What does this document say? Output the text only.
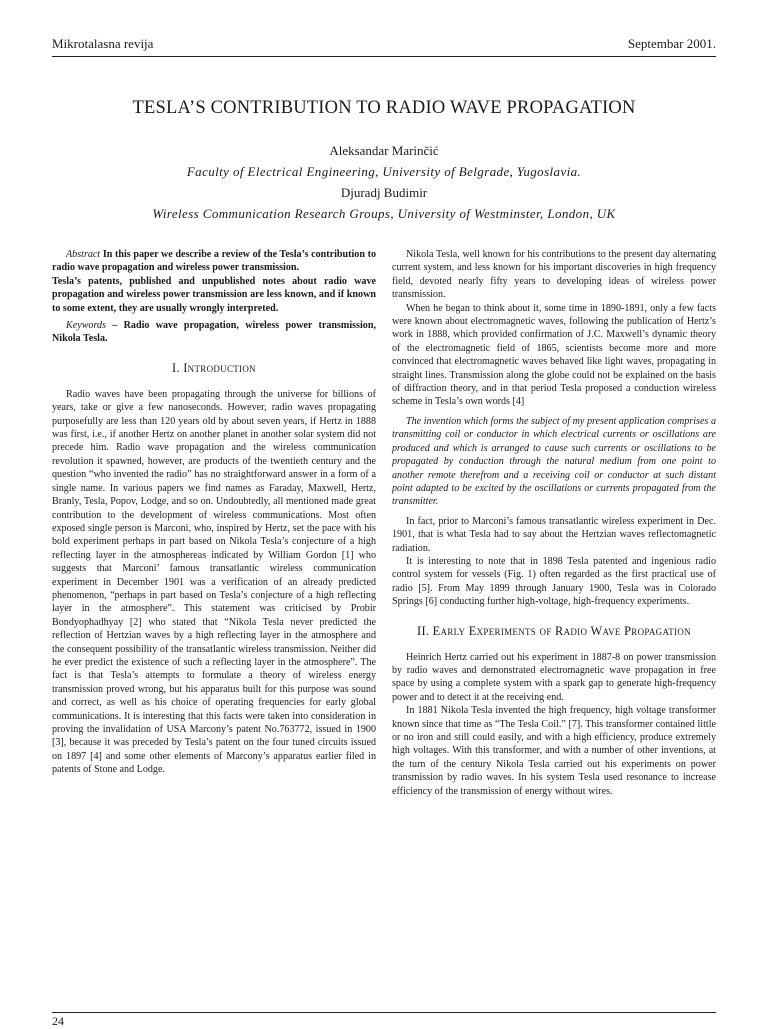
Mikrotalasna revija	Septembar 2001.
TESLA’S CONTRIBUTION TO RADIO WAVE PROPAGATION
Aleksandar Marinčić
Faculty of Electrical Engineering, University of Belgrade, Yugoslavia.
Djuradj Budimir
Wireless Communication Research Groups, University of Westminster, London, UK

Abstract In this paper we describe a review of the Tesla’s contribution to radio wave propagation and wireless power transmission.
Tesla’s patents, published and unpublished notes about radio wave propagation and wireless power transmission are less known, and if known to some extent, they are usually wrongly interpreted.

Keywords – Radio wave propagation, wireless power transmission, Nikola Tesla.

I. Introduction

Radio waves have been propagating through the universe for billions of years, take or give a few nanoseconds. However, radio waves propagating purposefully are less than 120 years old by about seven years, if Hertz in 1888 was first, i.e., if another Hertz on another planet in another solar system did not precede him. Radio wave propagation and the wireless communication revolution it spawned, however, are products of the twentieth century and the question “who invented the radio” has no straightforward answer in a form of a single name. In various papers we find names as Faraday, Maxwell, Hertz, Branly, Tesla, Popov, Lodge, and so on. Undoubtedly, all mentioned made great contribution to the development of wireless communications. Most often exposed single person is Marconi, who, inspired by Hertz, set the pace with his bold experiment perhaps in part based on Nikola Tesla’s conjecture of a high reflecting layer in the atmosphereas indicated by William Gordon [1] who suggests that Marconi’ famous transatlantic wireless communication experiment in December 1901 was a verification of an already predicted phenomenon, “perhaps in part based on Tesla’s conjecture of a high reflecting layer in the atmosphere”. This statement was criticised by Probir Bondyophadhyay [2] who stated that “Nikola Tesla never predicted the reflection of Hertzian waves by a high reflecting layer in the atmosphere and the consequent possibility of the transatlantic wireless transmission. Neither did he ever predict the existence of such a reflecting layer in the atmosphere”. The fact is that Tesla’s attempts to formulate a theory of wireless energy transmission proved wrong, but his apparatus built for this purpose was sound and correct, as well as his choice of operating frequencies for early global communications. It is interesting that this facts were taken into consideration in proving the invalidation of USA Marcony’s patent No.763772, issued in 1900 [3], because it was preceded by Tesla’s patent on the four tuned circuits issued on 1897 [4] and some other elements of Marcony’s apparatus earlier filed in patents of Stone and Lodge.

Nikola Tesla, well known for his contributions to the present day alternating current system, and less known for his important discoveries in high frequency field, devoted nearly fifty years to developing ideas of wireless power transmission.

When he began to think about it, some time in 1890-1891, only a few facts were known about electromagnetic waves, following the publication of Hertz’s work in 1888, which provided confirmation of J.C. Maxwell’s dynamic theory of the electromagnetic field of 1865, scientists become more and more convinced that electromagnetic waves behaved like light waves, propagating in straight lines. Transmission along the globe could not be explained on the basis of diffraction theory, and in that period Tesla proposed a conduction wireless scheme in Tesla’s own words [4]

The invention which forms the subject of my present application comprises a transmitting coil or conductor in which electrical currents or oscillations are produced and which is arranged to cause such currents or oscillations to be propagated by conduction through the natural medium from one point to another remote therefrom and a receiving coil or conductor at such distant point adapted to be excited by the oscillations or currents propagated from the transmitter.

In fact, prior to Marconi’s famous transatlantic wireless experiment in Dec. 1901, that is what Tesla had to say about the Hertzian waves reflectomagnetic radiation.

It is interesting to note that in 1898 Tesla patented and ingenious radio control system for vessels (Fig. 1) often regarded as the first practical use of radio [5]. From May 1899 through January 1900, Tesla was in Colorado Springs [6] conducting further high-voltage, high-frequency experiments.

II. Early Experiments of Radio Wave Propagation

Heinrich Hertz carried out his experiment in 1887-8 on power transmission by radio waves and demonstrated electromagnetic wave propagation in free space by using a complete system with a spark gap to generate high-frequency power and to detect it at the receiving end.

In 1881 Nikola Tesla invented the high frequency, high voltage transformer known since that time as “The Tesla Coil.” [7]. This transformer contained little or no iron and still could easily, and with a high efficiency, produce extremely high voltages. With this transformer, and with a number of other inventions, at the turn of the century Nikola Tesla carried out his experiments on power transmission by radio waves. In his system Tesla used resonance to increase efficiency of the transmission of energy without wires.

24
